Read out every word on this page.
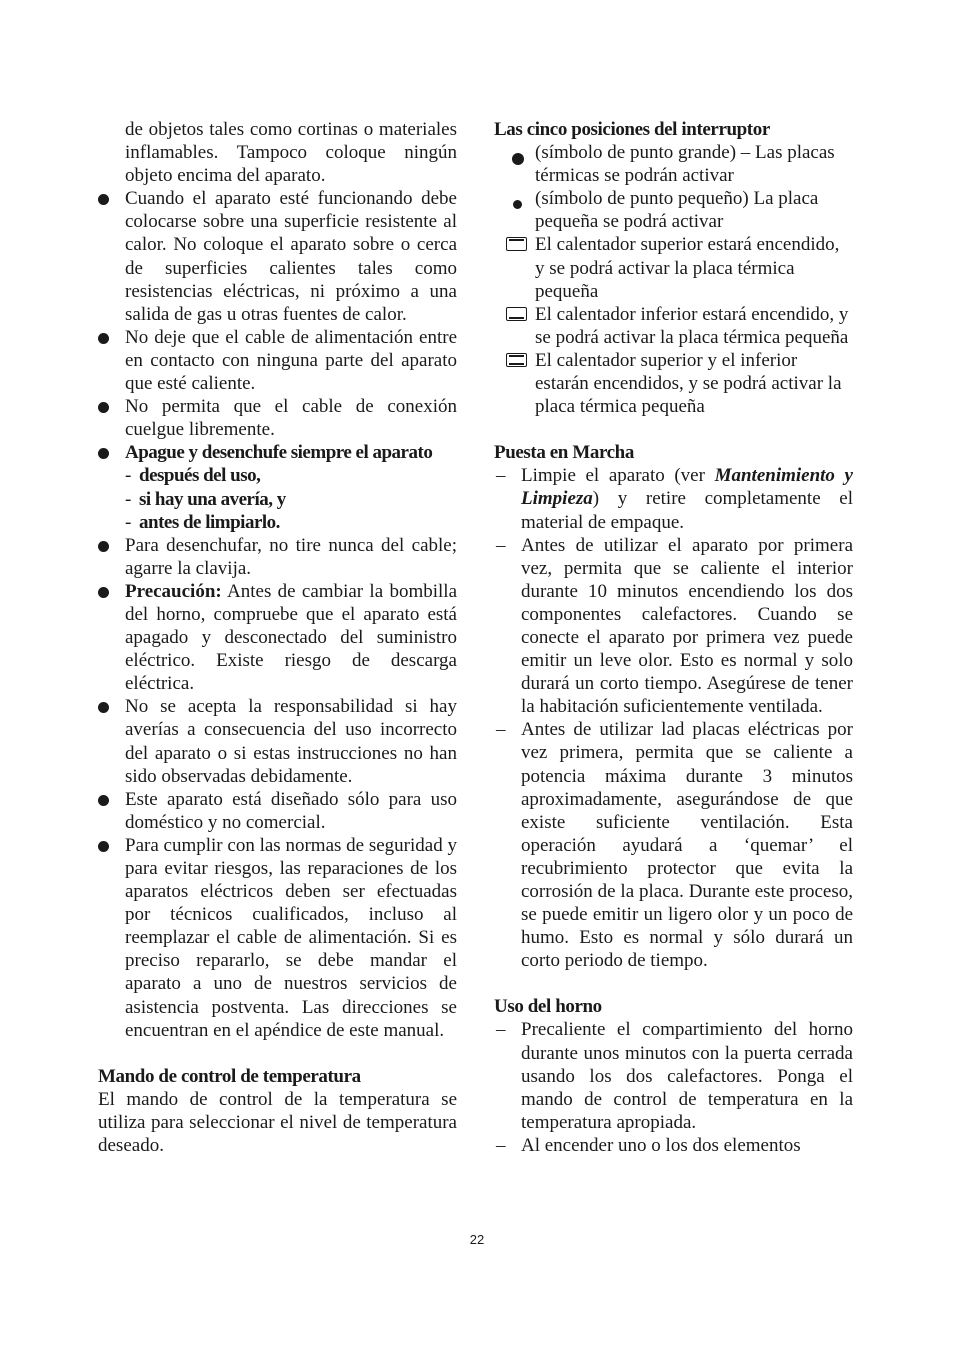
de objetos tales como cortinas o materiales inflamables. Tampoco coloque ningún objeto encima del aparato.

Cuando el aparato esté funcionando debe colocarse sobre una superficie resistente al calor. No coloque el aparato sobre o cerca de superficies calientes tales como resistencias eléctricas, ni próximo a una salida de gas u otras fuentes de calor.
No deje que el cable de alimentación entre en contacto con ninguna parte del aparato que esté caliente.
No permita que el cable de conexión cuelgue libremente.
Apague y desenchufe siempre el aparato
- después del uso,
- si hay una avería, y
- antes de limpiarlo.
Para desenchufar, no tire nunca del cable; agarre la clavija.
Precaución: Antes de cambiar la bombilla del horno, compruebe que el aparato está apagado y desconectado del suministro eléctrico. Existe riesgo de descarga eléctrica.
No se acepta la responsabilidad si hay averías a consecuencia del uso incorrecto del aparato o si estas instrucciones no han sido observadas debidamente.
Este aparato está diseñado sólo para uso doméstico y no comercial.
Para cumplir con las normas de seguridad y para evitar riesgos, las reparaciones de los aparatos eléctricos deben ser efectuadas por técnicos cualificados, incluso al reemplazar el cable de alimentación. Si es preciso repararlo, se debe mandar el aparato a uno de nuestros servicios de asistencia postventa. Las direcciones se encuentran en el apéndice de este manual.

Mando de control de temperatura

El mando de control de la temperatura se utiliza para seleccionar el nivel de temperatura deseado.

Las cinco posiciones del interruptor

(símbolo de punto grande) – Las placas térmicas se podrán activar
(símbolo de punto pequeño) La placa pequeña se podrá activar
El calentador superior estará encendido, y se podrá activar la placa térmica pequeña
El calentador inferior estará encendido, y se podrá activar la placa térmica pequeña
El calentador superior y el inferior estarán encendidos, y se podrá activar la placa térmica pequeña

Puesta en Marcha

– Limpie el aparato (ver Mantenimiento y Limpieza) y retire completamente el material de empaque.
– Antes de utilizar el aparato por primera vez, permita que se caliente el interior durante 10 minutos encendiendo los dos componentes calefactores. Cuando se conecte el aparato por primera vez puede emitir un leve olor. Esto es normal y solo durará un corto tiempo. Asegúrese de tener la habitación suficientemente ventilada.
– Antes de utilizar lad placas eléctricas por vez primera, permita que se caliente a potencia máxima durante 3 minutos aproximadamente, asegurándose de que existe suficiente ventilación. Esta operación ayudará a ‘quemar’ el recubrimiento protector que evita la corrosión de la placa. Durante este proceso, se puede emitir un ligero olor y un poco de humo. Esto es normal y sólo durará un corto periodo de tiempo.

Uso del horno

– Precaliente el compartimiento del horno durante unos minutos con la puerta cerrada usando los dos calefactores. Ponga el mando de control de temperatura en la temperatura apropiada.
– Al encender uno o los dos elementos
22
